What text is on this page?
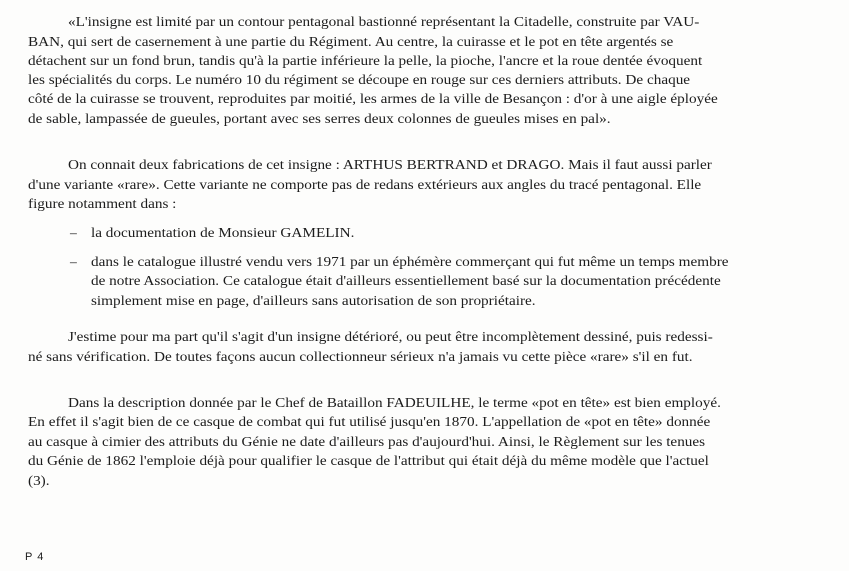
«L'insigne est limité par un contour pentagonal bastionné représentant la Citadelle, construite par VAU-
BAN, qui sert de casernement à une partie du Régiment. Au centre, la cuirasse et le pot en tête argentés se
détachent sur un fond brun, tandis qu'à la partie inférieure la pelle, la pioche, l'ancre et la roue dentée évoquent
les spécialités du corps. Le numéro 10 du régiment se découpe en rouge sur ces derniers attributs. De chaque
côté de la cuirasse se trouvent, reproduites par moitié, les armes de la ville de Besançon : d'or à une aigle éployée
de sable, lampassée de gueules, portant avec ses serres deux colonnes de gueules mises en pal».
On connait deux fabrications de cet insigne : ARTHUS BERTRAND et DRAGO. Mais il faut aussi parler
d'une variante «rare». Cette variante ne comporte pas de redans extérieurs aux angles du tracé pentagonal. Elle
figure notamment dans :
– la documentation de Monsieur GAMELIN.
– dans le catalogue illustré vendu vers 1971 par un éphémère commerçant qui fut même un temps membre
de notre Association. Ce catalogue était d'ailleurs essentiellement basé sur la documentation précédente
simplement mise en page, d'ailleurs sans autorisation de son propriétaire.
J'estime pour ma part qu'il s'agit d'un insigne détérioré, ou peut être incomplètement dessiné, puis redessi-
né sans vérification. De toutes façons aucun collectionneur sérieux n'a jamais vu cette pièce «rare» s'il en fut.
Dans la description donnée par le Chef de Bataillon FADEUILHE, le terme «pot en tête» est bien employé.
En effet il s'agit bien de ce casque de combat qui fut utilisé jusqu'en 1870. L'appellation de «pot en tête» donnée
au casque à cimier des attributs du Génie ne date d'ailleurs pas d'aujourd'hui. Ainsi, le Règlement sur les tenues
du Génie de 1862 l'emploie déjà pour qualifier le casque de l'attribut qui était déjà du même modèle que l'actuel
(3).
P 4
